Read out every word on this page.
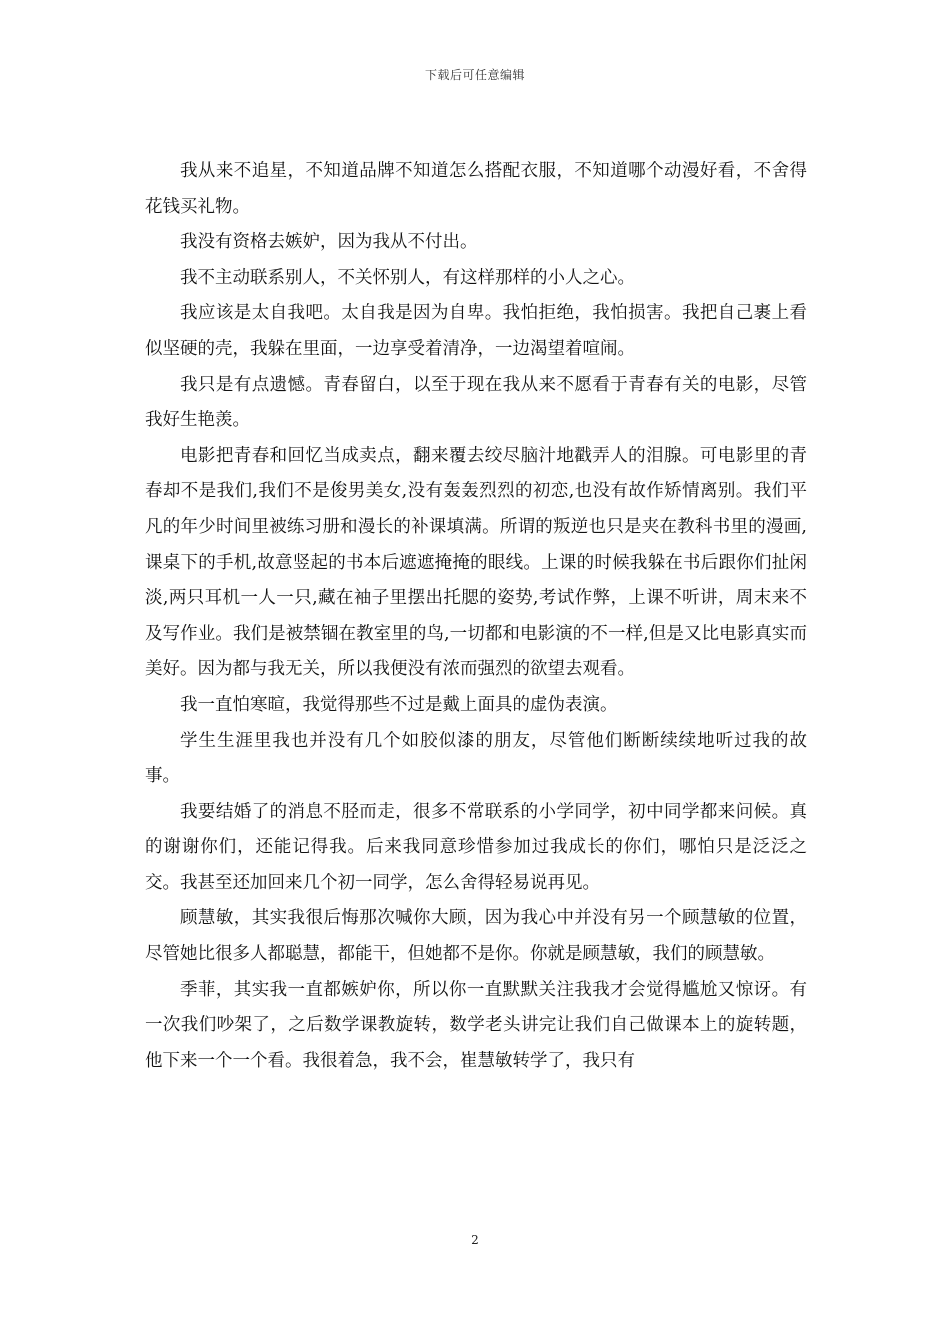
下载后可任意编辑

我从来不追星，不知道品牌不知道怎么搭配衣服，不知道哪个动漫好看，不舍得花钱买礼物。

我没有资格去嫉妒，因为我从不付出。

我不主动联系别人，不关怀别人，有这样那样的小人之心。

我应该是太自我吧。太自我是因为自卑。我怕拒绝，我怕损害。我把自己裹上看似坚硬的壳，我躲在里面，一边享受着清净，一边渴望着喧闹。

我只是有点遗憾。青春留白，以至于现在我从来不愿看于青春有关的电影，尽管我好生艳羡。

电影把青春和回忆当成卖点，翻来覆去绞尽脑汁地戳弄人的泪腺。可电影里的青春却不是我们,我们不是俊男美女,没有轰轰烈烈的初恋,也没有故作矫情离别。我们平凡的年少时间里被练习册和漫长的补课填满。所谓的叛逆也只是夹在教科书里的漫画,课桌下的手机,故意竖起的书本后遮遮掩掩的眼线。上课的时候我躲在书后跟你们扯闲淡,两只耳机一人一只,藏在袖子里摆出托腮的姿势,考试作弊，上课不听讲，周末来不及写作业。我们是被禁锢在教室里的鸟,一切都和电影演的不一样,但是又比电影真实而美好。因为都与我无关，所以我便没有浓而强烈的欲望去观看。

我一直怕寒暄，我觉得那些不过是戴上面具的虚伪表演。

学生生涯里我也并没有几个如胶似漆的朋友，尽管他们断断续续地听过我的故事。

我要结婚了的消息不胫而走，很多不常联系的小学同学，初中同学都来问候。真的谢谢你们，还能记得我。后来我同意珍惜参加过我成长的你们，哪怕只是泛泛之交。我甚至还加回来几个初一同学，怎么舍得轻易说再见。

顾慧敏，其实我很后悔那次喊你大顾，因为我心中并没有另一个顾慧敏的位置，尽管她比很多人都聪慧，都能干，但她都不是你。你就是顾慧敏，我们的顾慧敏。

季菲，其实我一直都嫉妒你，所以你一直默默关注我我才会觉得尴尬又惊讶。有一次我们吵架了，之后数学课教旋转，数学老头讲完让我们自己做课本上的旋转题，他下来一个一个看。我很着急，我不会，崔慧敏转学了，我只有

2
